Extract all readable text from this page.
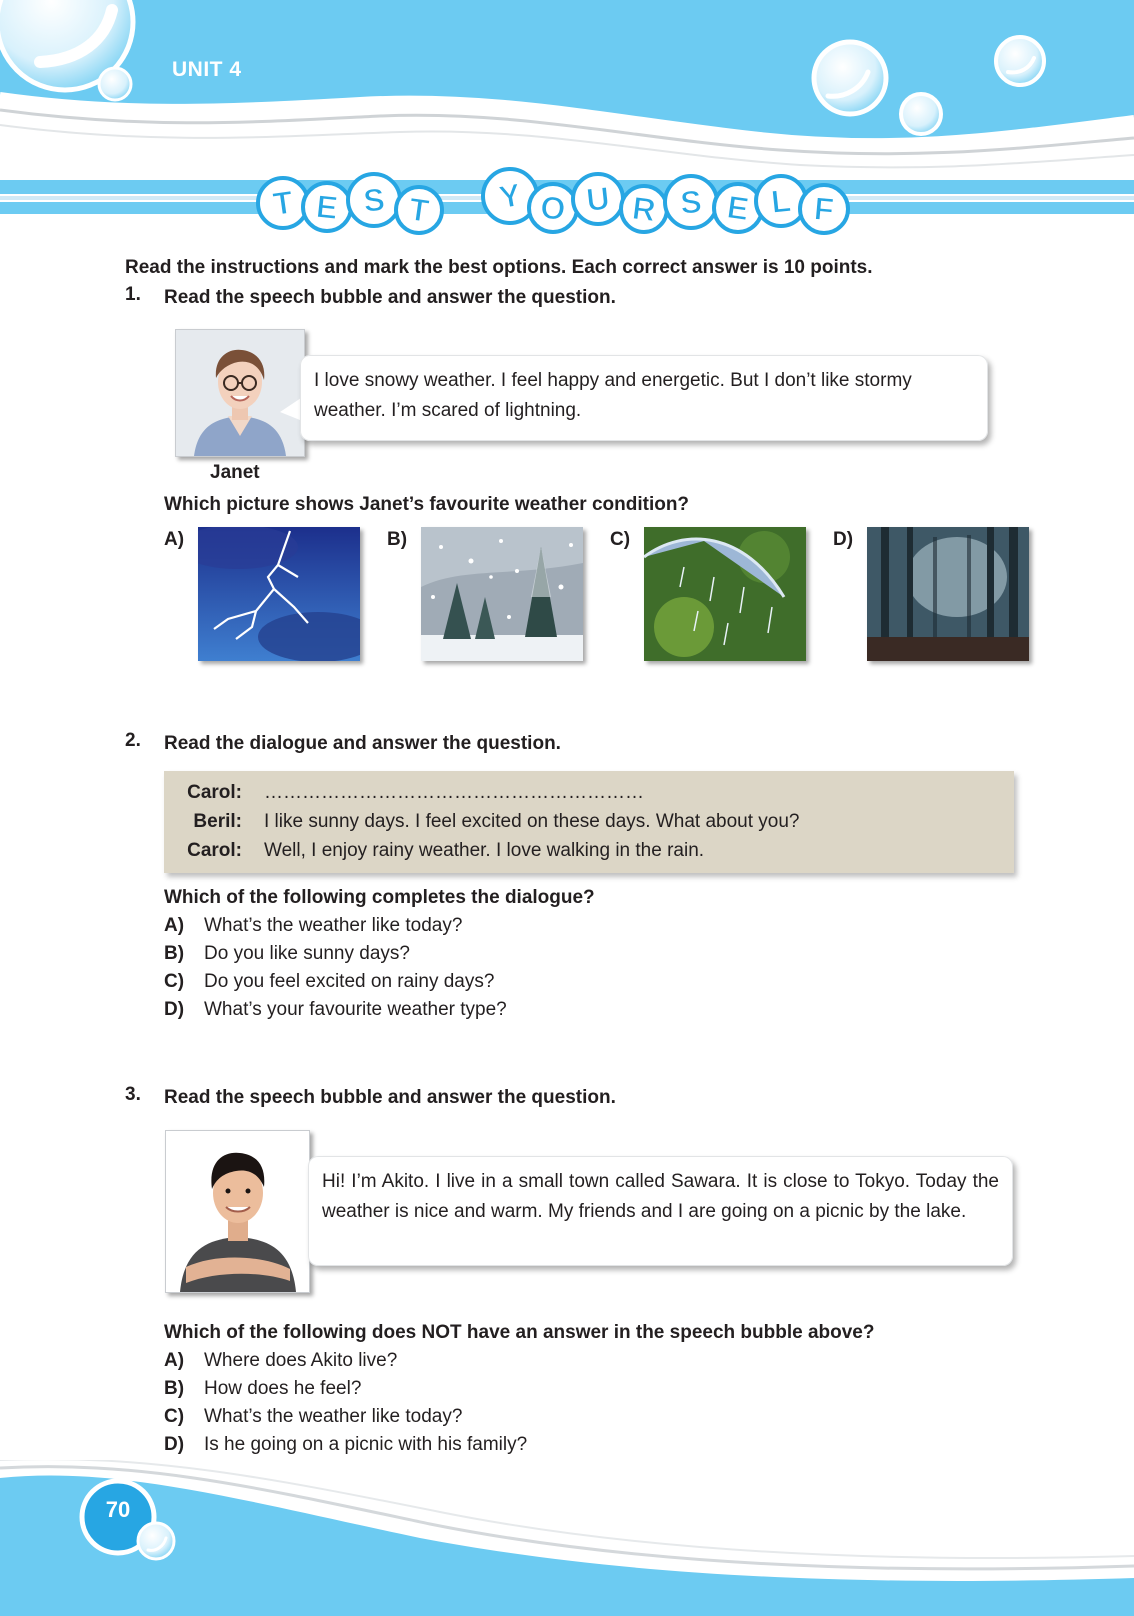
UNIT 4
T E S T Y O U R S E L F
Read the instructions and mark the best options. Each correct answer is 10 points.
1. Read the speech bubble and answer the question.
Janet
I love snowy weather. I feel happy and energetic. But I don’t like stormy weather. I’m scared of lightning.
Which picture shows Janet’s favourite weather condition?
A)	B)	C)	D)
2. Read the dialogue and answer the question.
Carol: ……………………………………………………
Beril: I like sunny days. I feel excited on these days. What about you?
Carol: Well, I enjoy rainy weather. I love walking in the rain.
Which of the following completes the dialogue?
A) What’s the weather like today?
B) Do you like sunny days?
C) Do you feel excited on rainy days?
D) What’s your favourite weather type?
3. Read the speech bubble and answer the question.
Hi! I’m Akito. I live in a small town called Sawara. It is close to Tokyo. Today the weather is nice and warm. My friends and I are going on a picnic by the lake.
Which of the following does NOT have an answer in the speech bubble above?
A) Where does Akito live?
B) How does he feel?
C) What’s the weather like today?
D) Is he going on a picnic with his family?
70
